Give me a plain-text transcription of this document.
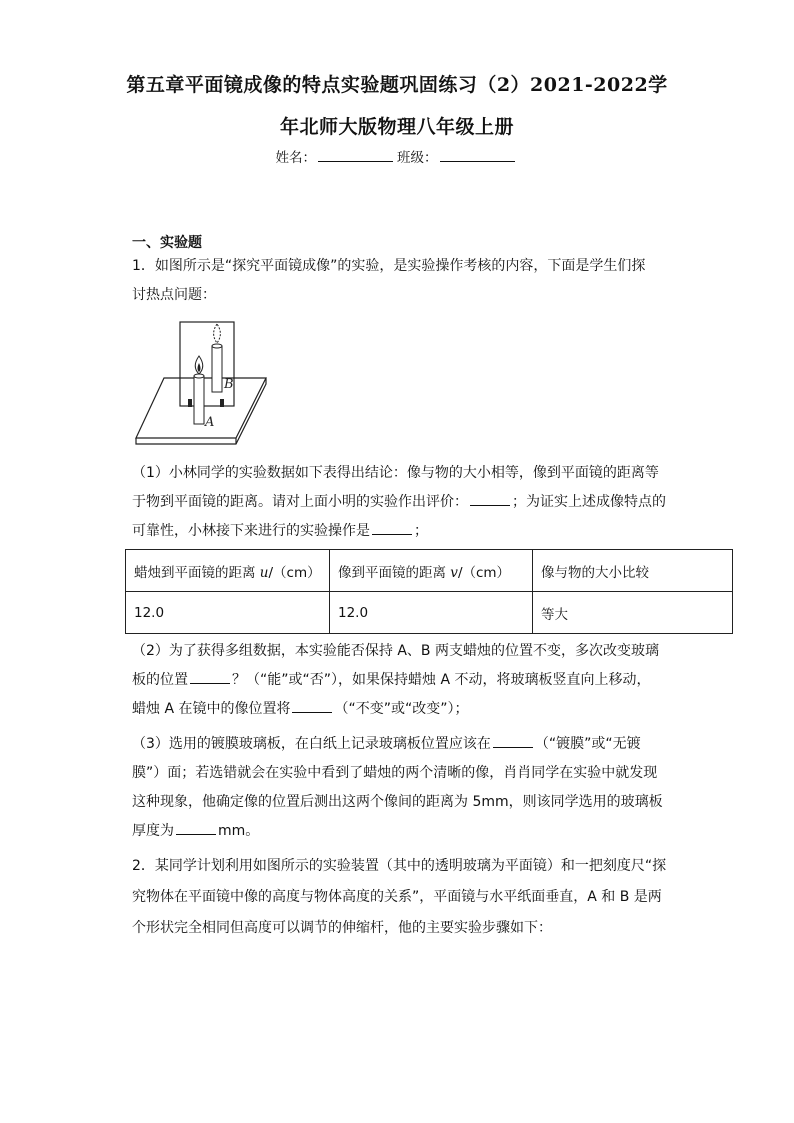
第五章平面镜成像的特点实验题巩固练习（2）2021-2022学
年北师大版物理八年级上册
姓名：	班级：
一、实验题
1．如图所示是“探究平面镜成像”的实验，是实验操作考核的内容，下面是学生们探
讨热点问题：
B
A
（1）小林同学的实验数据如下表得出结论：像与物的大小相等，像到平面镜的距离等
于物到平面镜的距离。请对上面小明的实验作出评价：	；为证实上述成像特点的
可靠性，小林接下来进行的实验操作是	；
蜡烛到平面镜的距离 u/（cm）	像到平面镜的距离 v/（cm）	像与物的大小比较
12.0	12.0	等大
（2）为了获得多组数据，本实验能否保持 A、B 两支蜡烛的位置不变，多次改变玻璃
板的位置	？（“能”或“否”），如果保持蜡烛 A 不动，将玻璃板竖直向上移动，
蜡烛 A 在镜中的像位置将	（“不变”或“改变”）；
（3）选用的镀膜玻璃板，在白纸上记录玻璃板位置应该在	（“镀膜”或“无镀
膜”）面；若选错就会在实验中看到了蜡烛的两个清晰的像，肖肖同学在实验中就发现
这种现象，他确定像的位置后测出这两个像间的距离为 5mm，则该同学选用的玻璃板
厚度为	mm。
2．某同学计划利用如图所示的实验装置（其中的透明玻璃为平面镜）和一把刻度尺“探
究物体在平面镜中像的高度与物体高度的关系”，平面镜与水平纸面垂直，A 和 B 是两
个形状完全相同但高度可以调节的伸缩杆，他的主要实验步骤如下：
